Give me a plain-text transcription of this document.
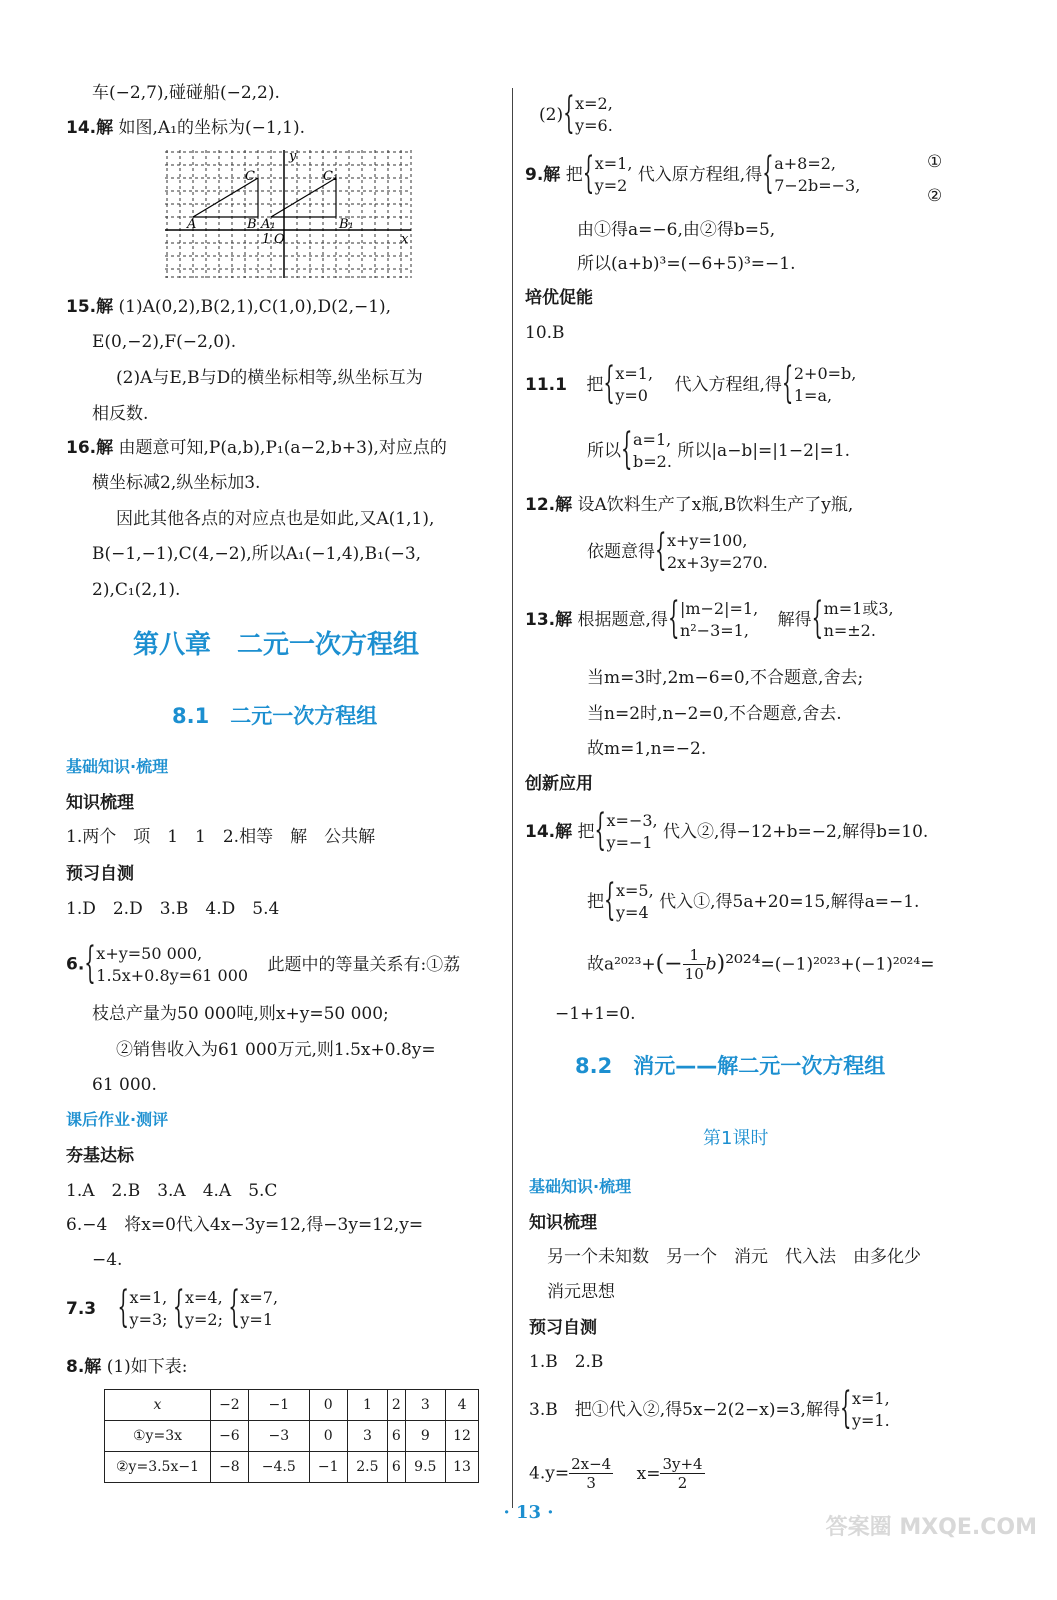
车(−2,7),碰碰船(−2,2).
14.解 如图,A₁的坐标为(−1,1).
y
x
O
A	A₁
B	B₁
C	C₁
1
15.解 (1)A(0,2),B(2,1),C(1,0),D(2,−1),
E(0,−2),F(−2,0).
(2)A与E,B与D的横坐标相等,纵坐标互为
相反数.
16.解 由题意可知,P(a,b),P₁(a−2,b+3),对应点的
横坐标减2,纵坐标加3.
因此其他各点的对应点也是如此,又A(1,1),
B(−1,−1),C(4,−2),所以A₁(−1,4),B₁(−3,
2),C₁(2,1).
第八章　二元一次方程组
8.1　二元一次方程组
基础知识·梳理
知识梳理
1.两个　项　1　1　2.相等　解　公共解
预习自测
1.D　2.D　3.B　4.D　5.4
6.
{ x+y=50 000,
1.5x+0.8y=61 000
此题中的等量关系有:①荔
枝总产量为50 000吨,则x+y=50 000;
②销售收入为61 000万元,则1.5x+0.8y=
61 000.
课后作业·测评
夯基达标
1.A　2.B　3.A　4.A　5.C
6.−4　将x=0代入4x−3y=12,得−3y=12,y=
−4.
7.3
{ x=1,
y=3;

{ x=4,
y=2;

{ x=7,
y=1
8.解 (1)如下表:
x	−2	−1	0	1	2	3	4
①y=3x	−6	−3	0	3	6	9	12
②y=3.5x−1	−8	−4.5	−1	2.5	6	9.5	13
(2)
{ x=2,
y=6.
9.解 把
{ x=1,
y=2
代入原方程组,得
{ a+8=2,
7−2b=−3,
①
②
由①得a=−6,由②得b=5,
所以(a+b)³=(−6+5)³=−1.
培优促能
10.B
11.1 把
{ x=1,
y=0
代入方程组,得
{ 2+0=b,
1=a,
所以
{ a=1,
b=2.
所以|a−b|=|1−2|=1.
12.解 设A饮料生产了x瓶,B饮料生产了y瓶,
依题意得
{ x+y=100,
2x+3y=270.
13.解 根据题意,得
{ |m−2|=1,
n²−3=1,
解得
{ m=1或3,
n=±2.
当m=3时,2m−6=0,不合题意,舍去;
当n=2时,n−2=0,不合题意,舍去.
故m=1,n=−2.
创新应用
14.解 把
{ x=−3,
y=−1
代入②,得−12+b=−2,解得b=10.
把
{ x=5,
y=4
代入①,得5a+20=15,解得a=−1.
故$a^{2023}+(- \frac{1}{10} b)^{2024}=(-1)^{2023}+(-1)^{2024}=$
−1+1=0.
8.2　消元——解二元一次方程组
第1课时
基础知识·梳理
知识梳理
另一个未知数　另一个　消元　代入法　由多化少
消元思想
预习自测
1.B　2.B
3.B　把①代入②,得5x−2(2−x)=3,解得
{ x=1,
y=1.
$4.y= \frac{2x-4}{3} x= \frac{3y+4}{2}$
· 13 ·
答案圈 MXQE.COM
